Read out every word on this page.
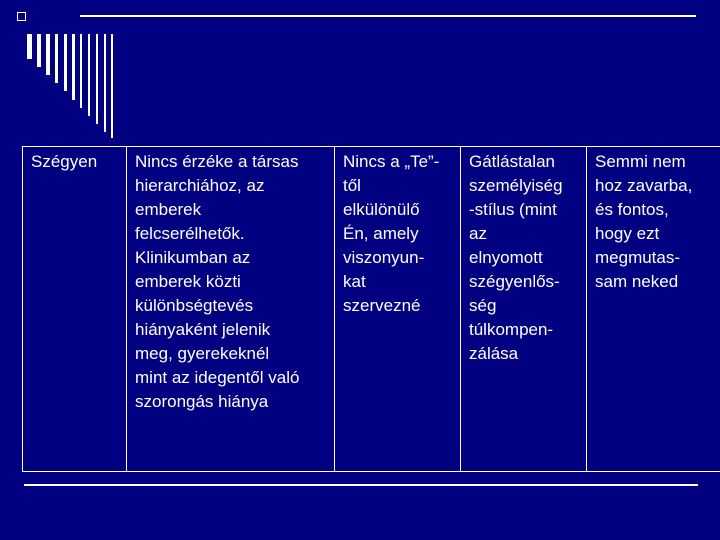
Szégyen	Nincs érzéke a társas
hierarchiához, az
emberek
felcserélhetők.
Klinikumban az
emberek közti
különbségtevés
hiányaként jelenik
meg, gyerekeknél
mint az idegentől való
szorongás hiánya	Nincs a „Te”-
től
elkülönülő
Én, amely
viszonyun-
kat
szervezné	Gátlástalan
személyiség
-stílus (mint
az
elnyomott
szégyenlős-
ség
túlkompen-
zálása	Semmi nem
hoz zavarba,
és fontos,
hogy ezt
megmutas-
sam neked
